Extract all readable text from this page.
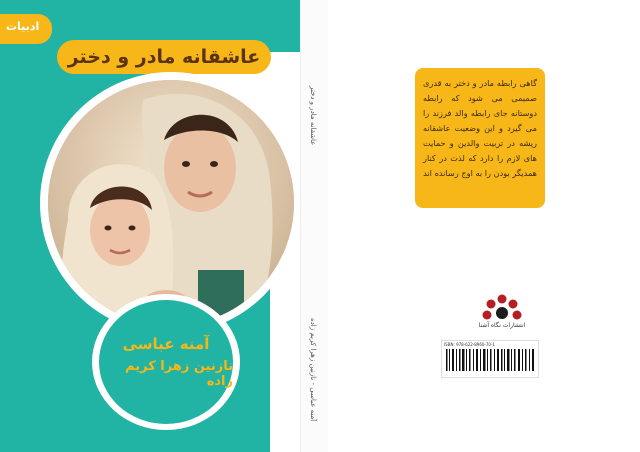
ادبیات
عاشقانه مادر و دختر
آمنه عباسی
نازنین زهرا کریم زاده
عاشقانه مادر و دختر
آمنه عباسی - نازنین زهرا کریم زاده
گاهی رابطه مادر و دختر به قدری صمیمی می شود که رابطه دوستانه جای رابطه والد فرزند را می گیرد و این وضعیت عاشقانه ریشه در تربیت والدین و حمایت های لازم را دارد که لذت در کنار همدیگر بودن را به اوج رسانده اند
انتشارات نگاه آشنا
ISBN: 978-622-8960-70-1
